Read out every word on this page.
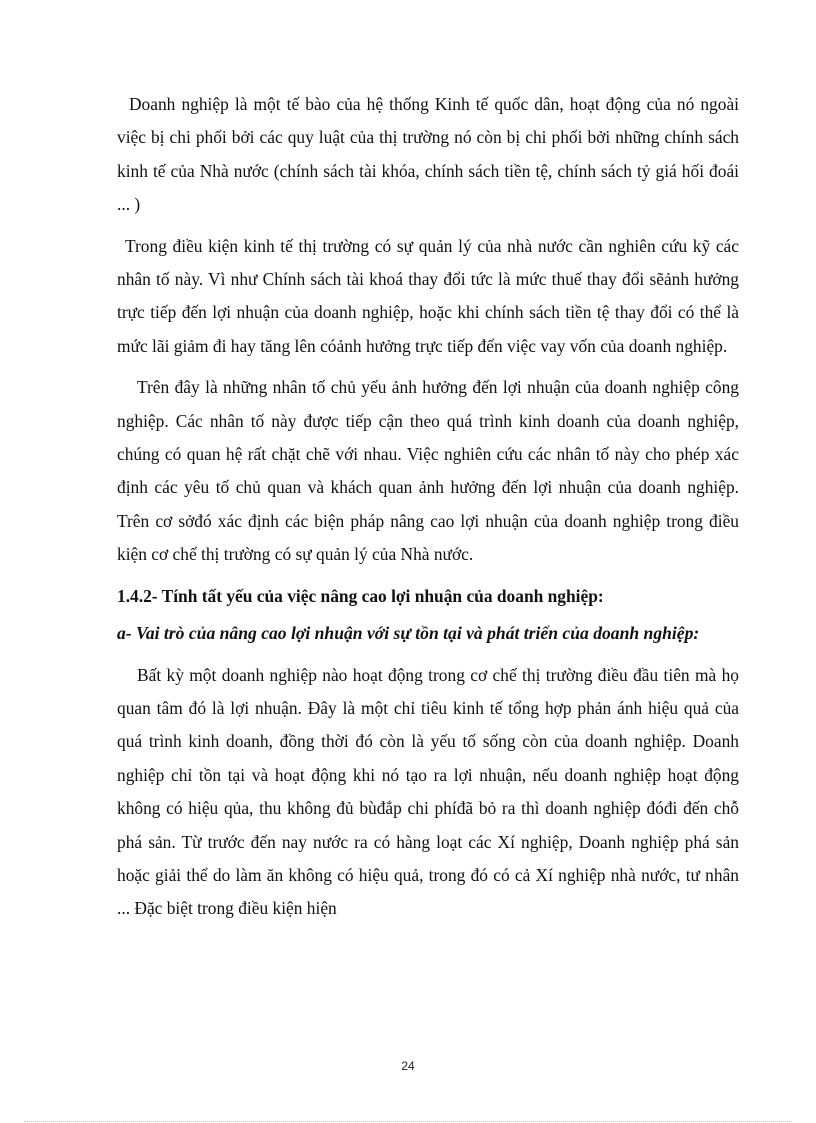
Doanh nghiệp là một tế bào của hệ thống Kinh tế quốc dân, hoạt động của nó ngoài việc bị chi phối bởi các quy luật của thị trường nó còn bị chi phối bởi những chính sách kinh tế của Nhà nước (chính sách tài khóa, chính sách tiền tệ, chính sách tỷ giá hối đoái ... )

Trong điều kiện kinh tế thị trường có sự quản lý của nhà nước cần nghiên cứu kỹ các nhân tố này. Vì như Chính sách tài khoá thay đổi tức là mức thuế thay đổi sẽảnh hưởng trực tiếp đến lợi nhuận của doanh nghiệp, hoặc khi chính sách tiền tệ thay đổi có thể là mức lãi giảm đi hay tăng lên cóảnh hưởng trực tiếp đến việc vay vốn của doanh nghiệp.

Trên đây là những nhân tố chủ yếu ảnh hưởng đến lợi nhuận của doanh nghiệp công nghiệp. Các nhân tố này được tiếp cận theo quá trình kinh doanh của doanh nghiệp, chúng có quan hệ rất chặt chẽ với nhau. Việc nghiên cứu các nhân tố này cho phép xác định các yêu tố chủ quan và khách quan ảnh hưởng đến lợi nhuận của doanh nghiệp. Trên cơ sởđó xác định các biện pháp nâng cao lợi nhuận của doanh nghiệp trong điều kiện cơ chế thị trường có sự quản lý của Nhà nước.

1.4.2- Tính tất yếu của việc nâng cao lợi nhuận của doanh nghiệp:
a- Vai trò của nâng cao lợi nhuận với sự tồn tại và phát triển của doanh nghiệp:

Bất kỳ một doanh nghiệp nào hoạt động trong cơ chế thị trường điều đầu tiên mà họ quan tâm đó là lợi nhuận. Đây là một chỉ tiêu kinh tế tổng hợp phản ánh hiệu quả của quá trình kinh doanh, đồng thời đó còn là yếu tố sống còn của doanh nghiệp. Doanh nghiệp chỉ tồn tại và hoạt động khi nó tạo ra lợi nhuận, nếu doanh nghiệp hoạt động không có hiệu qủa, thu không đủ bùđắp chi phíđã bỏ ra thì doanh nghiệp đóđi đến chỗ phá sản. Từ trước đến nay nước ra có hàng loạt các Xí nghiệp, Doanh nghiệp phá sản hoặc giải thể do làm ăn không có hiệu quả, trong đó có cả Xí nghiệp nhà nước, tư nhân ... Đặc biệt trong điều kiện hiện

24
